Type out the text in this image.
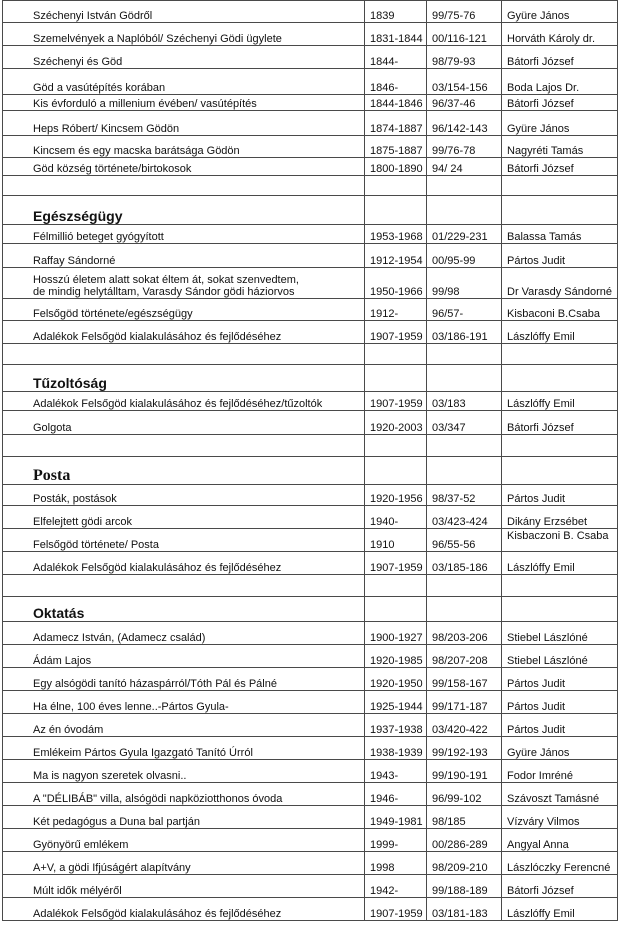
Széchenyi István Gödről	1839	99/75-76	Gyüre János
Szemelvények a Naplóból/ Széchenyi Gödi ügylete	1831-1844	00/116-121	Horváth Károly dr.
Széchenyi és Göd	1844-	98/79-93	Bátorfi József
Göd a vasútépítés korában	1846-	03/154-156	Boda Lajos Dr.
Kis évforduló a millenium évében/ vasútépítés	1844-1846	96/37-46	Bátorfi József
Heps Róbert/ Kincsem Gödön	1874-1887	96/142-143	Gyüre János
Kincsem és egy macska barátsága Gödön	1875-1887	99/76-78	Nagyréti Tamás
Göd község története/birtokosok	1800-1890	94/ 24	Bátorfi József

Egészségügy			
Félmillió beteget gyógyított	1953-1968	01/229-231	Balassa Tamás
Raffay Sándorné	1912-1954	00/95-99	Pártos Judit
Hosszú életem alatt sokat éltem át, sokat szenvedtem,
de mindig helytálltam, Varasdy Sándor gödi háziorvos	1950-1966	99/98	Dr Varasdy Sándorné
Felsőgöd története/egészségügy	1912-	96/57-	Kisbaconi B.Csaba
Adalékok Felsőgöd kialakulásához és fejlődéséhez	1907-1959	03/186-191	Lászlóffy Emil

Tűzoltóság			
Adalékok Felsőgöd kialakulásához és fejlődéséhez/tűzoltók	1907-1959	03/183	Lászlóffy Emil
Golgota	1920-2003	03/347	Bátorfi József

Posta			
Posták, postások	1920-1956	98/37-52	Pártos Judit
Elfelejtett gödi arcok	1940-	03/423-424	Dikány Erzsébet
Felsőgöd története/ Posta	1910	96/55-56	Kisbaczoni B. Csaba
Adalékok Felsőgöd kialakulásához és fejlődéséhez	1907-1959	03/185-186	Lászlóffy Emil

Oktatás			
Adamecz István, (Adamecz család)	1900-1927	98/203-206	Stiebel Lászlóné
Ádám Lajos	1920-1985	98/207-208	Stiebel Lászlóné
Egy alsógödi tanító házaspárról/Tóth Pál és Pálné	1920-1950	99/158-167	Pártos Judit
Ha élne, 100 éves lenne..-Pártos Gyula-	1925-1944	99/171-187	Pártos Judit
Az én óvodám	1937-1938	03/420-422	Pártos Judit
Emlékeim Pártos Gyula Igazgató Tanító Úrról	1938-1939	99/192-193	Gyüre János
Ma is nagyon szeretek olvasni..	1943-	99/190-191	Fodor Imréné
A "DÉLIBÁB" villa, alsógödi napköziotthonos óvoda	1946-	96/99-102	Szávoszt Tamásné
Két pedagógus a Duna bal partján	1949-1981	98/185	Vízváry Vilmos
Gyönyörű emlékem	1999-	00/286-289	Angyal Anna
A+V, a gödi Ifjúságért alapítvány	1998	98/209-210	Lászlóczky Ferencné
Múlt idők mélyéről	1942-	99/188-189	Bátorfi József
Adalékok Felsőgöd kialakulásához és fejlődéséhez	1907-1959	03/181-183	Lászlóffy Emil
